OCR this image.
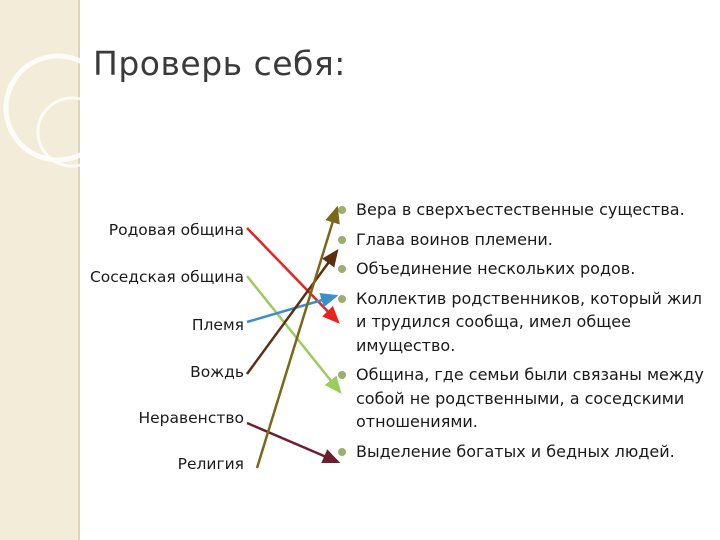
Проверь себя:
Родовая община
Соседская община
Племя
Вождь
Неравенство
Религия
Вера в сверхъестественные существа.
Глава воинов племени.
Объединение нескольких родов.
Коллектив родственников, который жил и трудился сообща, имел общее имущество.
Община, где семьи были связаны между собой не родственными, а соседскими отношениями.
Выделение богатых и бедных людей.
